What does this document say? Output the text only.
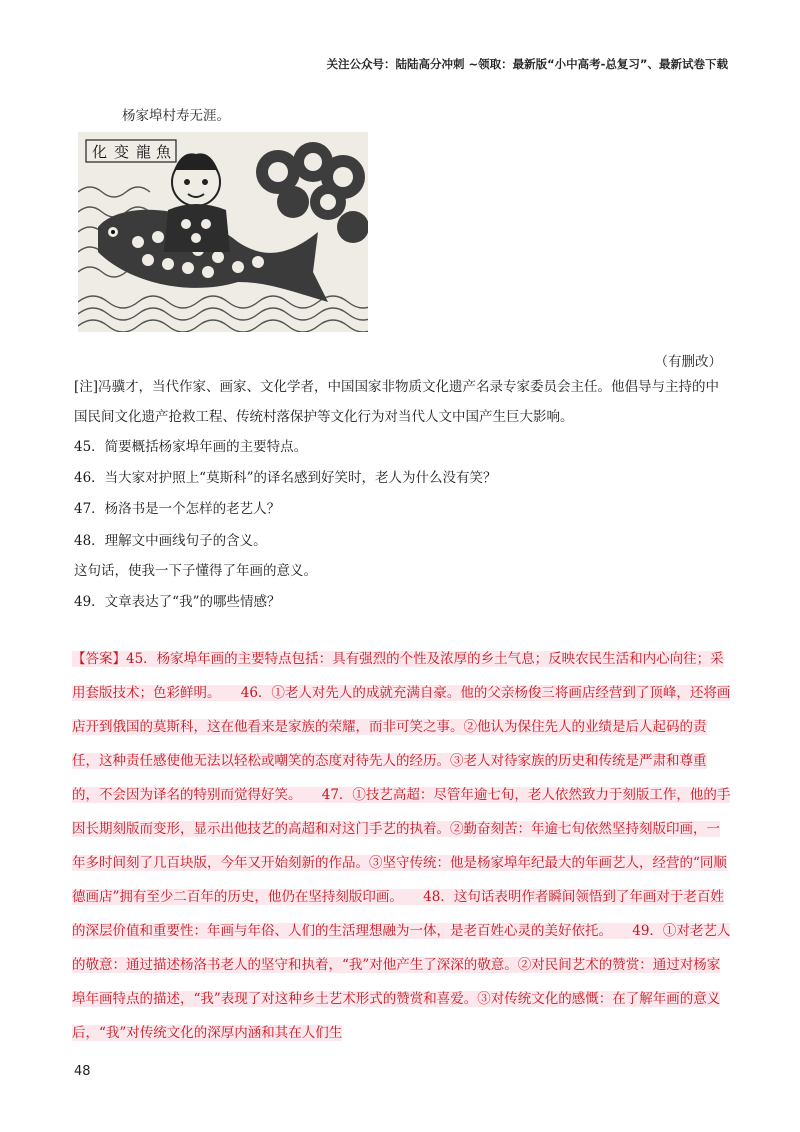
关注公众号：陆陆高分冲刺 ~领取：最新版“小中高考-总复习”、最新试卷下载
杨家埠村寿无涯。
化 变 龍 魚
（有删改）

[注]冯骥才，当代作家、画家、文化学者，中国国家非物质文化遗产名录专家委员会主任。他倡导与主持的中国民间文化遗产抢救工程、传统村落保护等文化行为对当代人文中国产生巨大影响。

45．简要概括杨家埠年画的主要特点。

46．当大家对护照上“莫斯科”的译名感到好笑时，老人为什么没有笑？

47．杨洛书是一个怎样的老艺人？

48．理解文中画线句子的含义。

这句话，使我一下子懂得了年画的意义。

49．文章表达了“我”的哪些情感？

【答案】45．杨家埠年画的主要特点包括：具有强烈的个性及浓厚的乡土气息；反映农民生活和内心向往；采用套版技术；色彩鲜明。　　46．①老人对先人的成就充满自豪。他的父亲杨俊三将画店经营到了顶峰，还将画店开到俄国的莫斯科，这在他看来是家族的荣耀，而非可笑之事。②他认为保住先人的业绩是后人起码的责任，这种责任感使他无法以轻松或嘲笑的态度对待先人的经历。③老人对待家族的历史和传统是严肃和尊重的，不会因为译名的特别而觉得好笑。　　47．①技艺高超：尽管年逾七旬，老人依然致力于刻版工作，他的手因长期刻版而变形，显示出他技艺的高超和对这门手艺的执着。②勤奋刻苦：年逾七旬依然坚持刻版印画，一年多时间刻了几百块版，今年又开始刻新的作品。③坚守传统：他是杨家埠年纪最大的年画艺人，经营的“同顺德画店”拥有至少二百年的历史，他仍在坚持刻版印画。　　48．这句话表明作者瞬间领悟到了年画对于老百姓的深层价值和重要性：年画与年俗、人们的生活理想融为一体，是老百姓心灵的美好依托。　　49．①对老艺人的敬意：通过描述杨洛书老人的坚守和执着，“我”对他产生了深深的敬意。②对民间艺术的赞赏：通过对杨家埠年画特点的描述，“我”表现了对这种乡土艺术形式的赞赏和喜爱。③对传统文化的感慨：在了解年画的意义后，“我”对传统文化的深厚内涵和其在人们生
48
